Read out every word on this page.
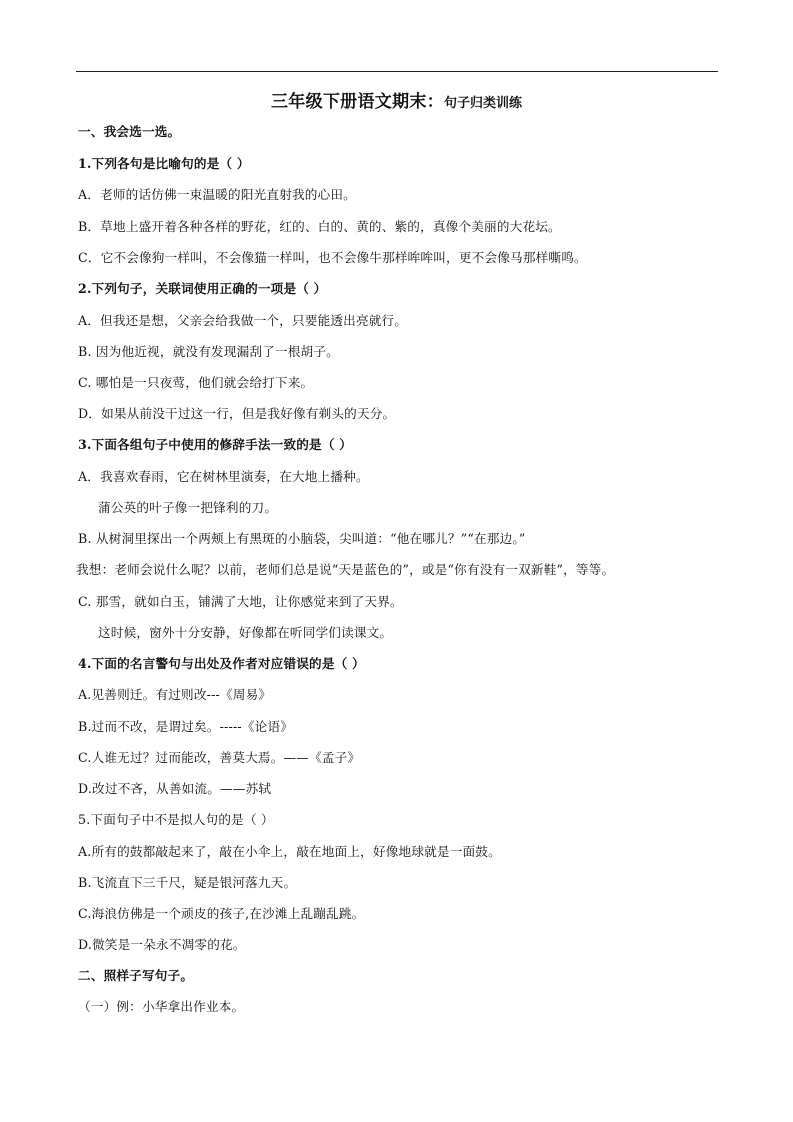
三年级下册语文期末：句子归类训练
一、我会选一选。
1.下列各句是比喻句的是（ ）
A．老师的话仿佛一束温暖的阳光直射我的心田。
B．草地上盛开着各种各样的野花，红的、白的、黄的、紫的，真像个美丽的大花坛。
C．它不会像狗一样叫，不会像猫一样叫，也不会像牛那样哞哞叫，更不会像马那样嘶鸣。
2.下列句子，关联词使用正确的一项是（ ）
A．但我还是想，父亲会给我做一个，只要能透出亮就行。
B. 因为他近视，就没有发现漏刮了一根胡子。
C. 哪怕是一只夜莺，他们就会给打下来。
D．如果从前没干过这一行，但是我好像有剃头的天分。
3.下面各组句子中使用的修辞手法一致的是（ ）
A．我喜欢春雨，它在树林里演奏，在大地上播种。
蒲公英的叶子像一把锋利的刀。
B. 从树洞里探出一个两颊上有黑斑的小脑袋，尖叫道：“他在哪儿？”“在那边。”
我想：老师会说什么呢？以前，老师们总是说“天是蓝色的”，或是“你有没有一双新鞋”，等等。
C. 那雪，就如白玉，铺满了大地，让你感觉来到了天界。
这时候，窗外十分安静，好像都在听同学们读课文。
4.下面的名言警句与出处及作者对应错误的是（ ）
A.见善则迁。有过则改---《周易》
B.过而不改，是谓过矣。-----《论语》
C.人谁无过？过而能改，善莫大焉。——《孟子》
D.改过不吝，从善如流。——苏轼
5.下面句子中不是拟人句的是（ ）
A.所有的鼓都敲起来了，敲在小伞上，敲在地面上，好像地球就是一面鼓。
B.飞流直下三千尺，疑是银河落九天。
C.海浪仿佛是一个顽皮的孩子,在沙滩上乱蹦乱跳。
D.微笑是一朵永不凋零的花。
二、照样子写句子。
（一）例：小华拿出作业本。
